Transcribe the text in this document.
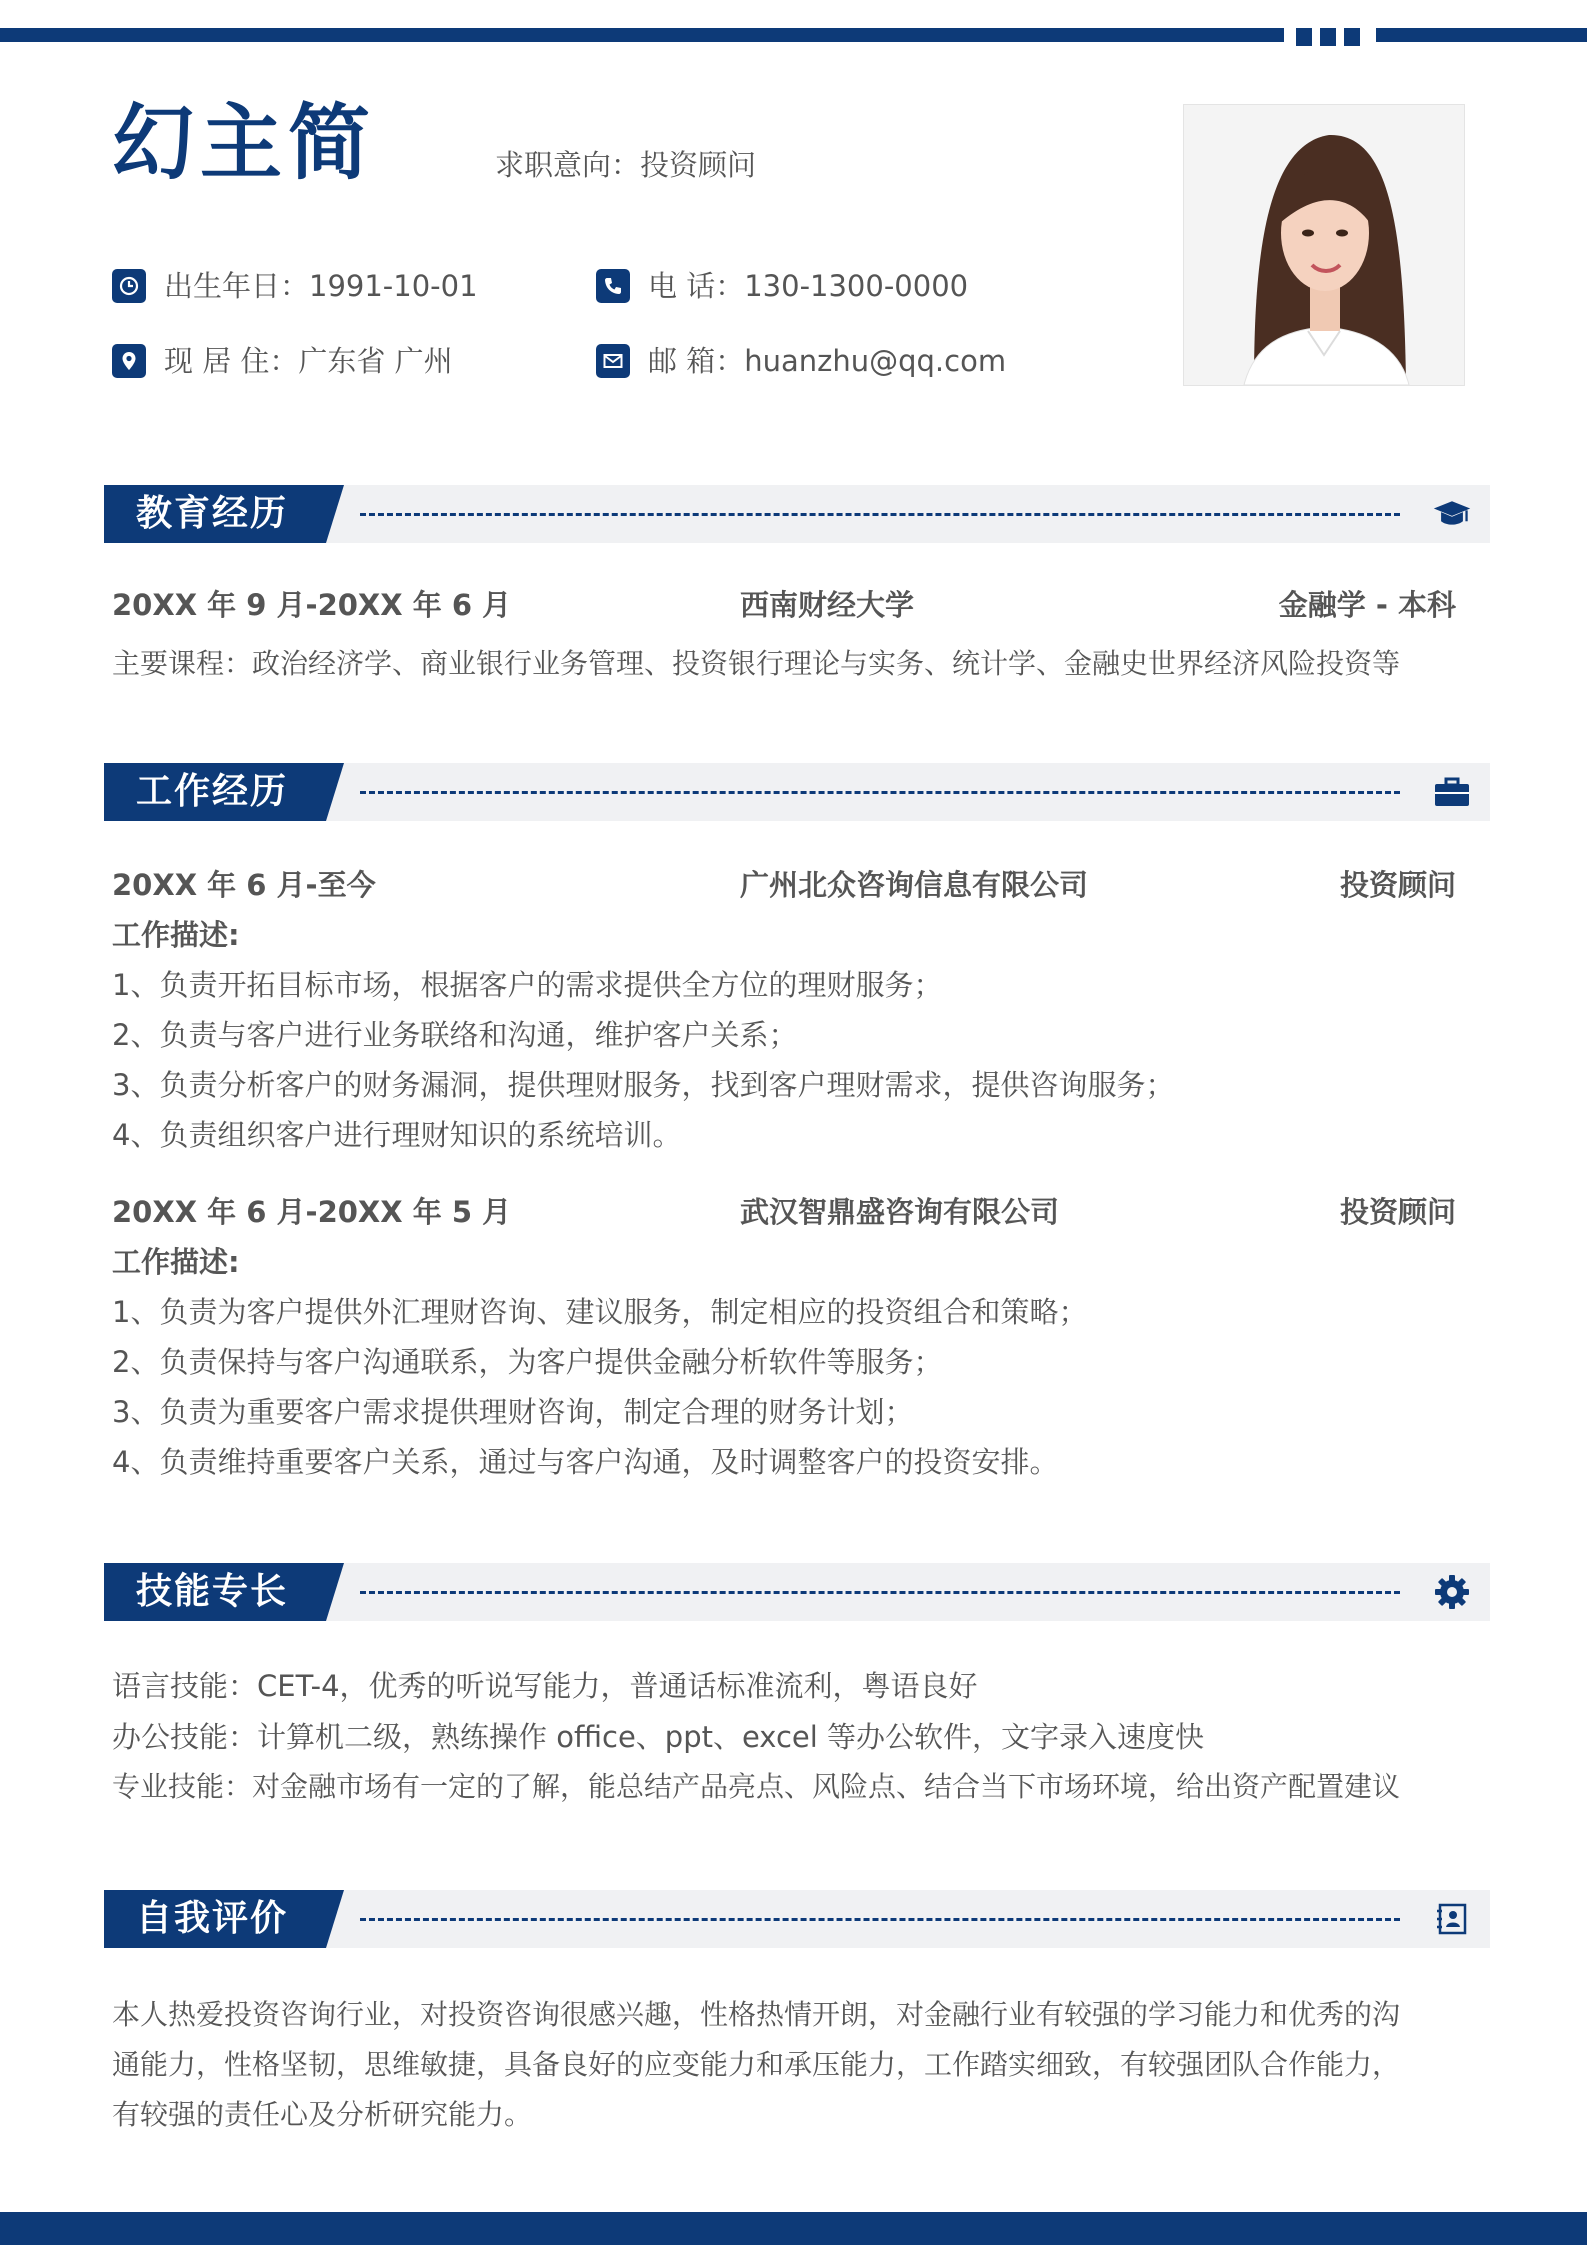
幻主简	求职意向：投资顾问
出生年日：1991-10-01	电 话：130-1300-0000
现 居 住：广东省 广州	邮 箱：huanzhu@qq.com
教育经历
20XX 年 9 月-20XX 年 6 月	西南财经大学	金融学 - 本科
主要课程：政治经济学、商业银行业务管理、投资银行理论与实务、统计学、金融史世界经济风险投资等
工作经历
20XX 年 6 月-至今	广州北众咨询信息有限公司	投资顾问
工作描述:
1、负责开拓目标市场，根据客户的需求提供全方位的理财服务；
2、负责与客户进行业务联络和沟通，维护客户关系；
3、负责分析客户的财务漏洞，提供理财服务，找到客户理财需求，提供咨询服务；
4、负责组织客户进行理财知识的系统培训。
20XX 年 6 月-20XX 年 5 月	武汉智鼎盛咨询有限公司	投资顾问
工作描述:
1、负责为客户提供外汇理财咨询、建议服务，制定相应的投资组合和策略；
2、负责保持与客户沟通联系，为客户提供金融分析软件等服务；
3、负责为重要客户需求提供理财咨询，制定合理的财务计划；
4、负责维持重要客户关系，通过与客户沟通，及时调整客户的投资安排。
技能专长
语言技能：CET-4，优秀的听说写能力，普通话标准流利，粤语良好
办公技能：计算机二级，熟练操作 office、ppt、excel 等办公软件，文字录入速度快
专业技能：对金融市场有一定的了解，能总结产品亮点、风险点、结合当下市场环境，给出资产配置建议
自我评价
本人热爱投资咨询行业，对投资咨询很感兴趣，性格热情开朗，对金融行业有较强的学习能力和优秀的沟
通能力，性格坚韧，思维敏捷，具备良好的应变能力和承压能力，工作踏实细致，有较强团队合作能力，
有较强的责任心及分析研究能力。
